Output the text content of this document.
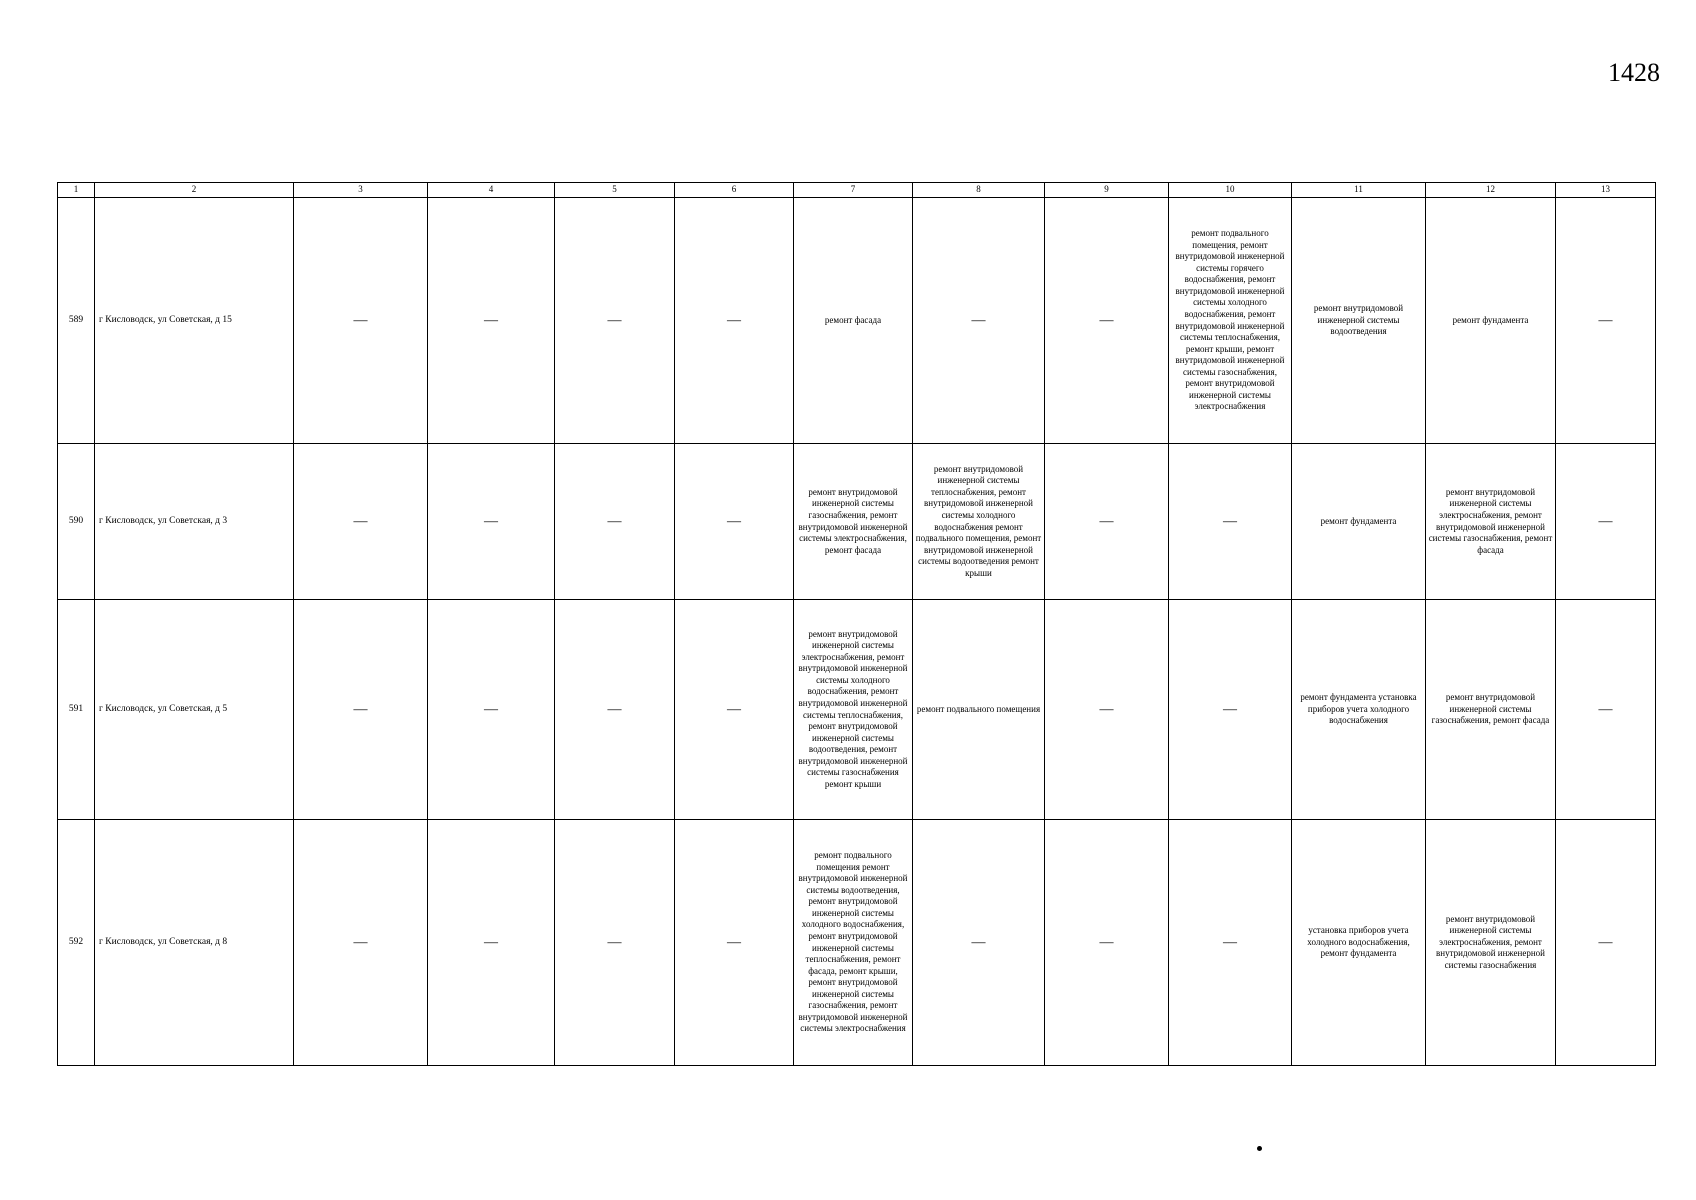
1428
1	2	3	4	5	6	7	8	9	10	11	12	13
589	г Кисловодск, ул Советская, д 15	—	—	—	—	ремонт фасада	—	—	ремонт подвального помещения, ремонт внутридомовой инженерной системы горячего водоснабжения, ремонт внутридомовой инженерной системы холодного водоснабжения, ремонт внутридомовой инженерной системы теплоснабжения, ремонт крыши, ремонт внутридомовой инженерной системы газоснабжения, ремонт внутридомовой инженерной системы электроснабжения	ремонт внутридомовой инженерной системы водоотведения	ремонт фундамента	—
590	г Кисловодск, ул Советская, д 3	—	—	—	—	ремонт внутридомовой инженерной системы газоснабжения, ремонт внутридомовой инженерной системы электроснабжения, ремонт фасада	ремонт внутридомовой инженерной системы теплоснабжения, ремонт внутридомовой инженерной системы холодного водоснабжения ремонт подвального помещения, ремонт внутридомовой инженерной системы водоотведения ремонт крыши	—	—	ремонт фундамента	ремонт внутридомовой инженерной системы электроснабжения, ремонт внутридомовой инженерной системы газоснабжения, ремонт фасада	—
591	г Кисловодск, ул Советская, д 5	—	—	—	—	ремонт внутридомовой инженерной системы электроснабжения, ремонт внутридомовой инженерной системы холодного водоснабжения, ремонт внутридомовой инженерной системы теплоснабжения, ремонт внутридомовой инженерной системы водоотведения, ремонт внутридомовой инженерной системы газоснабжения ремонт крыши	ремонт подвального помещения	—	—	ремонт фундамента установка приборов учета холодного водоснабжения	ремонт внутридомовой инженерной системы газоснабжения, ремонт фасада	—
592	г Кисловодск, ул Советская, д 8	—	—	—	—	ремонт подвального помещения ремонт внутридомовой инженерной системы водоотведения, ремонт внутридомовой инженерной системы холодного водоснабжения, ремонт внутридомовой инженерной системы теплоснабжения, ремонт фасада, ремонт крыши, ремонт внутридомовой инженерной системы газоснабжения, ремонт внутридомовой инженерной системы электроснабжения	—	—	—	установка приборов учета холодного водоснабжения, ремонт фундамента	ремонт внутридомовой инженерной системы электроснабжения, ремонт внутридомовой инженерной системы газоснабжения	—
